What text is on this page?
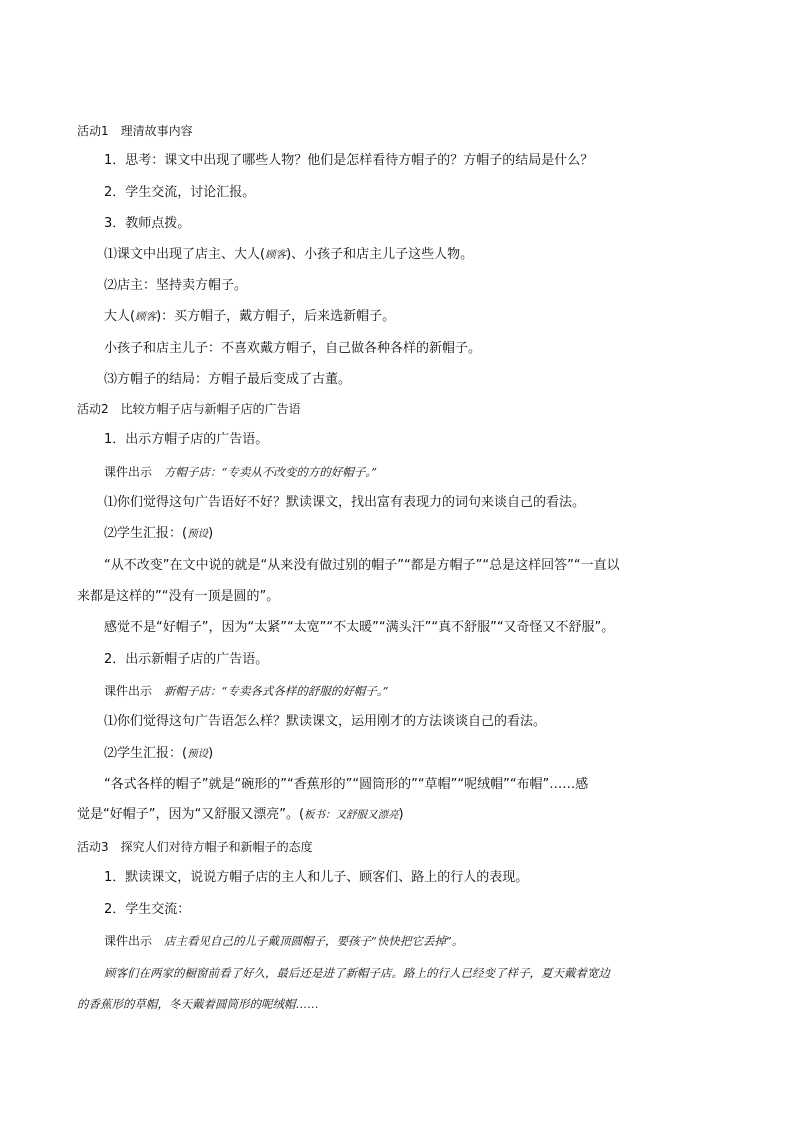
活动1 理清故事内容
1．思考：课文中出现了哪些人物？他们是怎样看待方帽子的？方帽子的结局是什么？
2．学生交流，讨论汇报。
3．教师点拨。
⑴课文中出现了店主、大人(顾客)、小孩子和店主儿子这些人物。
⑵店主：坚持卖方帽子。
大人(顾客)：买方帽子，戴方帽子，后来选新帽子。
小孩子和店主儿子：不喜欢戴方帽子，自己做各种各样的新帽子。
⑶方帽子的结局：方帽子最后变成了古董。
活动2 比较方帽子店与新帽子店的广告语
1．出示方帽子店的广告语。
课件出示 方帽子店：“专卖从不改变的方的好帽子。”
⑴你们觉得这句广告语好不好？默读课文，找出富有表现力的词句来谈自己的看法。
⑵学生汇报：(预设)
“从不改变”在文中说的就是“从来没有做过别的帽子”“都是方帽子”“总是这样回答”“一直以
来都是这样的”“没有一顶是圆的”。
感觉不是“好帽子”，因为“太紧”“太宽”“不太暖”“满头汗”“真不舒服”“又奇怪又不舒服”。
2．出示新帽子店的广告语。
课件出示 新帽子店：“专卖各式各样的舒服的好帽子。”
⑴你们觉得这句广告语怎么样？默读课文，运用刚才的方法谈谈自己的看法。
⑵学生汇报：(预设)
“各式各样的帽子”就是“碗形的”“香蕉形的”“圆筒形的”“草帽”“呢绒帽”“布帽”……感
觉是“好帽子”，因为“又舒服又漂亮”。(板书：又舒服又漂亮)
活动3 探究人们对待方帽子和新帽子的态度
1．默读课文，说说方帽子店的主人和儿子、顾客们、路上的行人的表现。
2．学生交流：
课件出示 店主看见自己的儿子戴顶圆帽子，要孩子“快快把它丢掉”。
顾客们在两家的橱窗前看了好久，最后还是进了新帽子店。路上的行人已经变了样子，夏天戴着宽边
的香蕉形的草帽，冬天戴着圆筒形的呢绒帽……
